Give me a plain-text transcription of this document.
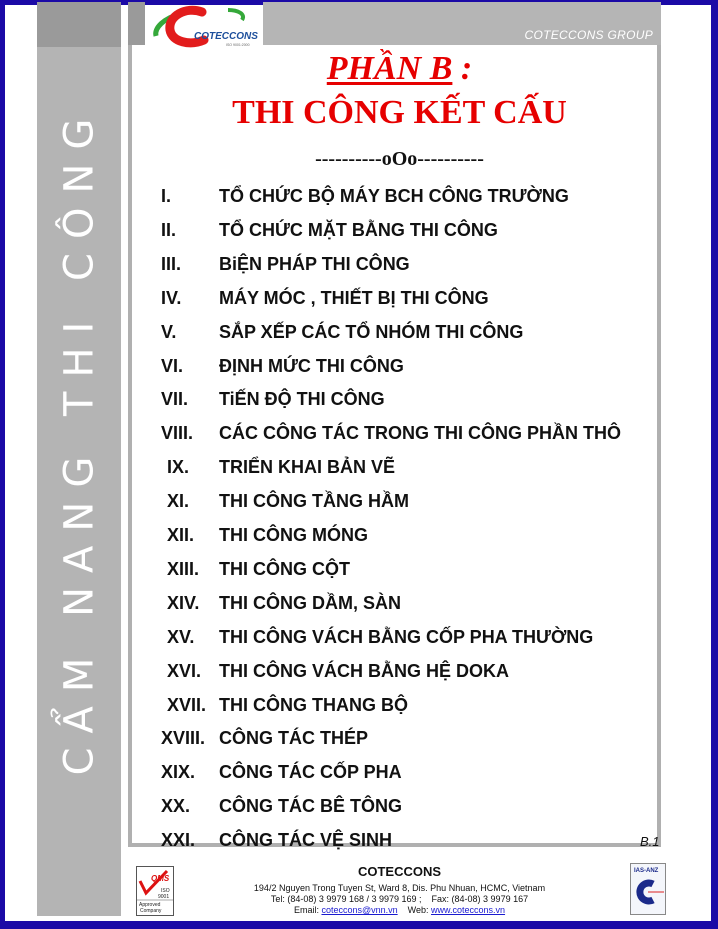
CẨM NANG THI CÔNG
COTECCONS GROUP
COTECCONS
ISO 9001:2000
PHẦN B :
THI CÔNG KẾT CẤU
----------oOo----------
I.	TỔ CHỨC BỘ MÁY BCH CÔNG TRƯỜNG
II. TỔ CHỨC MẶT BẰNG THI CÔNG
III. BiỆN PHÁP THI CÔNG
IV. MÁY MÓC , THIẾT BỊ THI CÔNG
V. SẮP XẾP CÁC TỔ NHÓM THI CÔNG
VI. ĐỊNH MỨC THI CÔNG
VII. TiẾN ĐỘ THI CÔNG
VIII. CÁC CÔNG TÁC TRONG THI CÔNG PHẦN THÔ
IX. TRIỂN KHAI BẢN VẼ
XI. THI CÔNG TẦNG HẦM
XII. THI CÔNG MÓNG
XIII. THI CÔNG CỘT
XIV. THI CÔNG DẦM, SÀN
XV. THI CÔNG VÁCH BẰNG CỐP PHA THƯỜNG
XVI. THI CÔNG VÁCH BẰNG HỆ DOKA
XVII. THI CÔNG THANG BỘ
XVIII. CÔNG TÁC THÉP
XIX. CÔNG TÁC CỐP PHA
XX. CÔNG TÁC BÊ TÔNG
XXI. CÔNG TÁC VỆ SINH	B.1
QMS
ISO
9001
Approved
Company
COTECCONS
194/2 Nguyen Trong Tuyen St, Ward 8, Dis. Phu Nhuan, HCMC, Vietnam
Tel: (84-08) 3 9979 168 / 3 9979 169 ; Fax: (84-08) 3 9979 167
Email: coteccons@vnn.vn Web: www.coteccons.vn
IAS-ANZ
